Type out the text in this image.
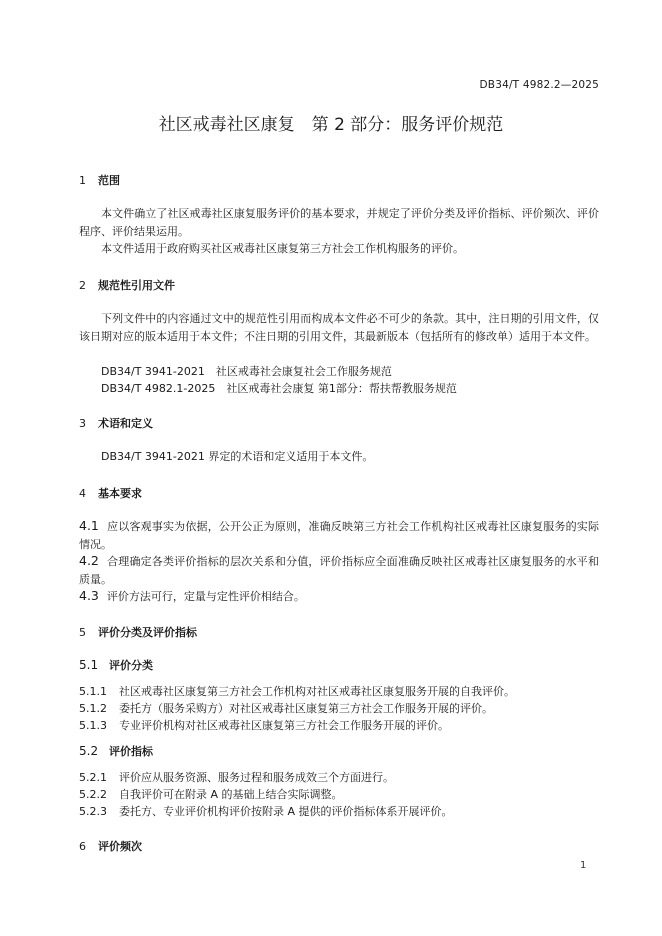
DB34/T 4982.2—2025
社区戒毒社区康复　第 2 部分：服务评价规范
1 范围
本文件确立了社区戒毒社区康复服务评价的基本要求，并规定了评价分类及评价指标、评价频次、评价程序、评价结果运用。
本文件适用于政府购买社区戒毒社区康复第三方社会工作机构服务的评价。
2 规范性引用文件
下列文件中的内容通过文中的规范性引用而构成本文件必不可少的条款。其中，注日期的引用文件，仅该日期对应的版本适用于本文件；不注日期的引用文件，其最新版本（包括所有的修改单）适用于本文件。
DB34/T 3941-2021　社区戒毒社会康复社会工作服务规范
DB34/T 4982.1-2025　社区戒毒社会康复 第1部分：帮扶帮教服务规范
3 术语和定义
DB34/T 3941-2021 界定的术语和定义适用于本文件。
4 基本要求
4.1 应以客观事实为依据，公开公正为原则，准确反映第三方社会工作机构社区戒毒社区康复服务的实际情况。
4.2 合理确定各类评价指标的层次关系和分值，评价指标应全面准确反映社区戒毒社区康复服务的水平和质量。
4.3 评价方法可行，定量与定性评价相结合。
5 评价分类及评价指标
5.1 评价分类
5.1.1 社区戒毒社区康复第三方社会工作机构对社区戒毒社区康复服务开展的自我评价。
5.1.2 委托方（服务采购方）对社区戒毒社区康复第三方社会工作服务开展的评价。
5.1.3 专业评价机构对社区戒毒社区康复第三方社会工作服务开展的评价。
5.2 评价指标
5.2.1 评价应从服务资源、服务过程和服务成效三个方面进行。
5.2.2 自我评价可在附录 A 的基础上结合实际调整。
5.2.3 委托方、专业评价机构评价按附录 A 提供的评价指标体系开展评价。
6 评价频次
1
